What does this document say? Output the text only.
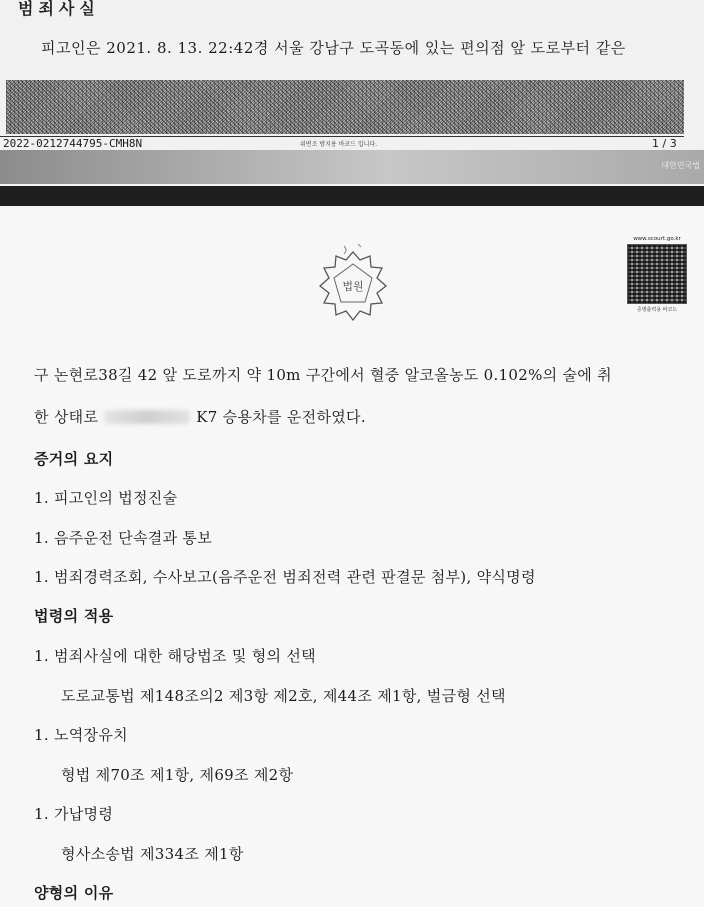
범죄사실
피고인은 2021. 8. 13. 22:42경 서울 강남구 도곡동에 있는 편의점 앞 도로부터 같은
2022-0212744795-CMH8N	위변조 방지용 바코드 입니다.	1 / 3
대한민국법
법원
www.scourt.go.kr
증명출력용 바코드
구 논현로38길 42 앞 도로까지 약 10m 구간에서 혈중 알코올농도 0.102%의 술에 취
한 상태로	K7 승용차를 운전하였다.
증거의 요지
1. 피고인의 법정진술
1. 음주운전 단속결과 통보
1. 범죄경력조회, 수사보고(음주운전 범죄전력 관련 판결문 첨부), 약식명령
법령의 적용
1. 범죄사실에 대한 해당법조 및 형의 선택
도로교통법 제148조의2 제3항 제2호, 제44조 제1항, 벌금형 선택
1. 노역장유치
형법 제70조 제1항, 제69조 제2항
1. 가납명령
형사소송법 제334조 제1항
양형의 이유
